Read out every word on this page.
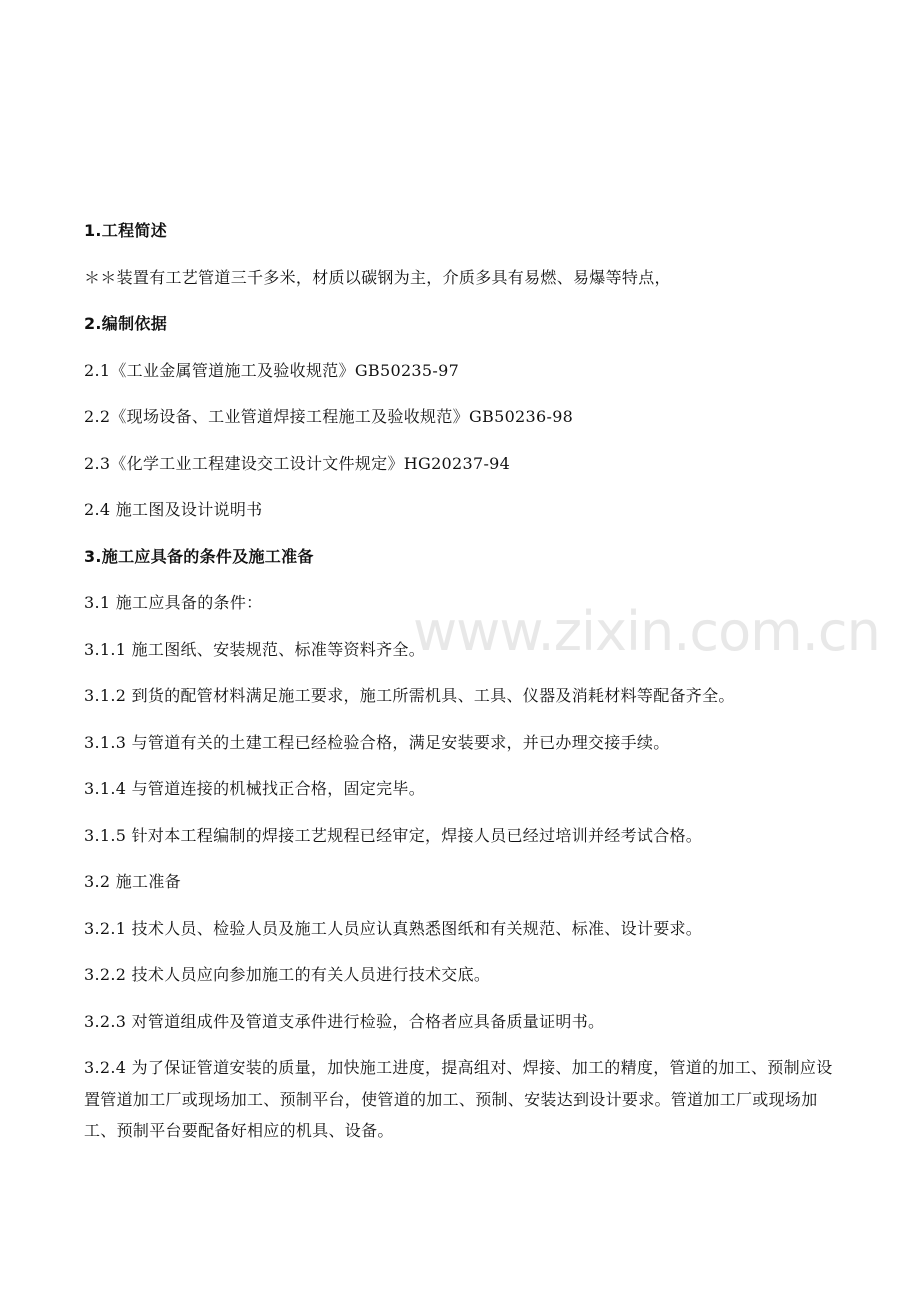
www.zixin.com.cn
1.工程简述
＊＊装置有工艺管道三千多米，材质以碳钢为主，介质多具有易燃、易爆等特点，
2.编制依据
2.1《工业金属管道施工及验收规范》GB50235-97
2.2《现场设备、工业管道焊接工程施工及验收规范》GB50236-98
2.3《化学工业工程建设交工设计文件规定》HG20237-94
2.4 施工图及设计说明书
3.施工应具备的条件及施工准备
3.1 施工应具备的条件：
3.1.1 施工图纸、安装规范、标准等资料齐全。
3.1.2 到货的配管材料满足施工要求，施工所需机具、工具、仪器及消耗材料等配备齐全。
3.1.3 与管道有关的土建工程已经检验合格，满足安装要求，并已办理交接手续。
3.1.4 与管道连接的机械找正合格，固定完毕。
3.1.5 针对本工程编制的焊接工艺规程已经审定，焊接人员已经过培训并经考试合格。
3.2 施工准备
3.2.1 技术人员、检验人员及施工人员应认真熟悉图纸和有关规范、标准、设计要求。
3.2.2 技术人员应向参加施工的有关人员进行技术交底。
3.2.3 对管道组成件及管道支承件进行检验，合格者应具备质量证明书。

3.2.4 为了保证管道安装的质量，加快施工进度，提高组对、焊接、加工的精度，管道的加工、预制应设置管道加工厂或现场加工、预制平台，使管道的加工、预制、安装达到设计要求。管道加工厂或现场加工、预制平台要配备好相应的机具、设备。
